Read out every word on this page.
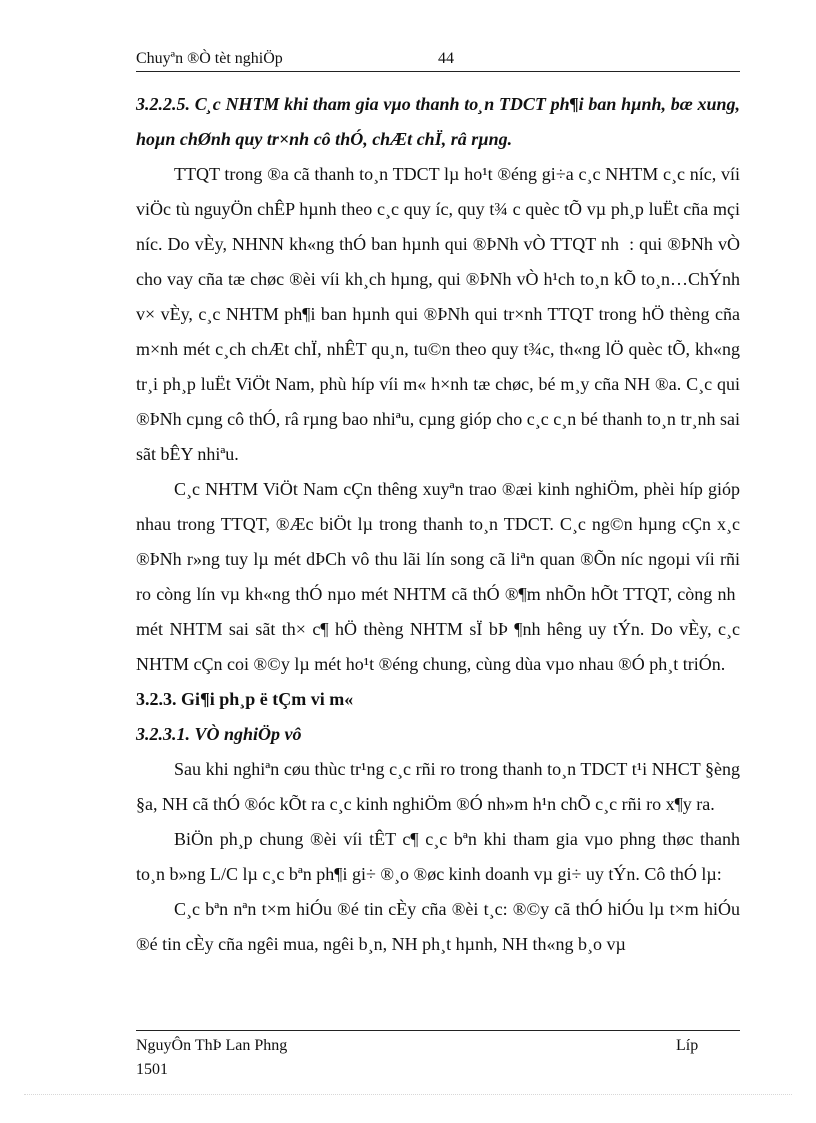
Chuyªn ®Ò tèt nghiÖp	44

3.2.2.5. C¸c NHTM khi tham gia vµo thanh to¸n TDCT ph¶i ban hµnh, bæ xung, hoµn chØnh quy tr×nh cô thÓ, chÆt chÏ, râ rµng.

TTQT trong ®a cã thanh to¸n TDCT lµ ho¹t ®éng gi÷a c¸c NHTM c¸c níc, víi viÖc tù nguyÖn chÊP hµnh theo c¸c quy íc, quy t¾ c quèc tÕ vµ ph¸p luËt cña mçi níc. Do vÈy, NHNN kh«ng thÓ ban hµnh qui ®ÞNh vÒ TTQT nh  : qui ®ÞNh vÒ cho vay cña tæ chøc ®èi víi kh¸ch hµng, qui ®ÞNh vÒ h¹ch to¸n kÕ to¸n…ChÝnh v× vÈy, c¸c NHTM ph¶i ban hµnh qui ®ÞNh qui tr×nh TTQT trong hÖ thèng cña m×nh mét c¸ch chÆt chÏ, nhÊT qu¸n, tu©n theo quy t¾c, th«ng lÖ quèc tÕ, kh«ng tr¸i ph¸p luËt ViÖt Nam, phù híp víi m« h×nh tæ chøc, bé m¸y cña NH ®a. C¸c qui ®ÞNh cµng cô thÓ, râ rµng bao nhiªu, cµng gióp cho c¸c c¸n bé thanh to¸n tr¸nh sai sãt bÊY nhiªu.

C¸c NHTM ViÖt Nam cÇn thêng xuyªn trao ®æi kinh nghiÖm, phèi híp gióp nhau trong TTQT, ®Æc biÖt lµ trong thanh to¸n TDCT. C¸c ng©n hµng cÇn x¸c ®ÞNh r»ng tuy lµ mét dÞCh vô thu lãi lín song cã liªn quan ®Õn níc ngoµi víi rñi ro còng lín vµ kh«ng thÓ nµo mét NHTM cã thÓ ®¶m nhÕn hÕt TTQT, còng nh  mét NHTM sai sãt th× c¶ hÖ thèng NHTM sÏ bÞ ¶nh hêng uy tÝn. Do vÈy, c¸c NHTM cÇn coi ®©y lµ mét ho¹t ®éng chung, cùng dùa vµo nhau ®Ó ph¸t triÓn.

3.2.3. Gi¶i ph¸p ë tÇm vi m«

3.2.3.1. VÒ nghiÖp vô

Sau khi nghiªn cøu thùc tr¹ng c¸c rñi ro trong thanh to¸n TDCT t¹i NHCT §èng §a, NH cã thÓ ®óc kÕt ra c¸c kinh nghiÖm ®Ó nh»m h¹n chÕ c¸c rñi ro x¶y ra.

BiÖn ph¸p chung ®èi víi tÊT c¶ c¸c bªn khi tham gia vµo phng thøc thanh to¸n b»ng L/C lµ c¸c bªn ph¶i gi÷ ®¸o ®øc kinh doanh vµ gi÷ uy tÝn. Cô thÓ lµ:

C¸c bªn nªn t×m hiÓu ®é tin cÈy cña ®èi t¸c: ®©y cã thÓ hiÓu lµ t×m hiÓu ®é tin cÈy cña ngêi mua, ngêi b¸n, NH ph¸t hµnh, NH th«ng b¸o vµ

NguyÔn ThÞ Lan Phng	Líp
1501
